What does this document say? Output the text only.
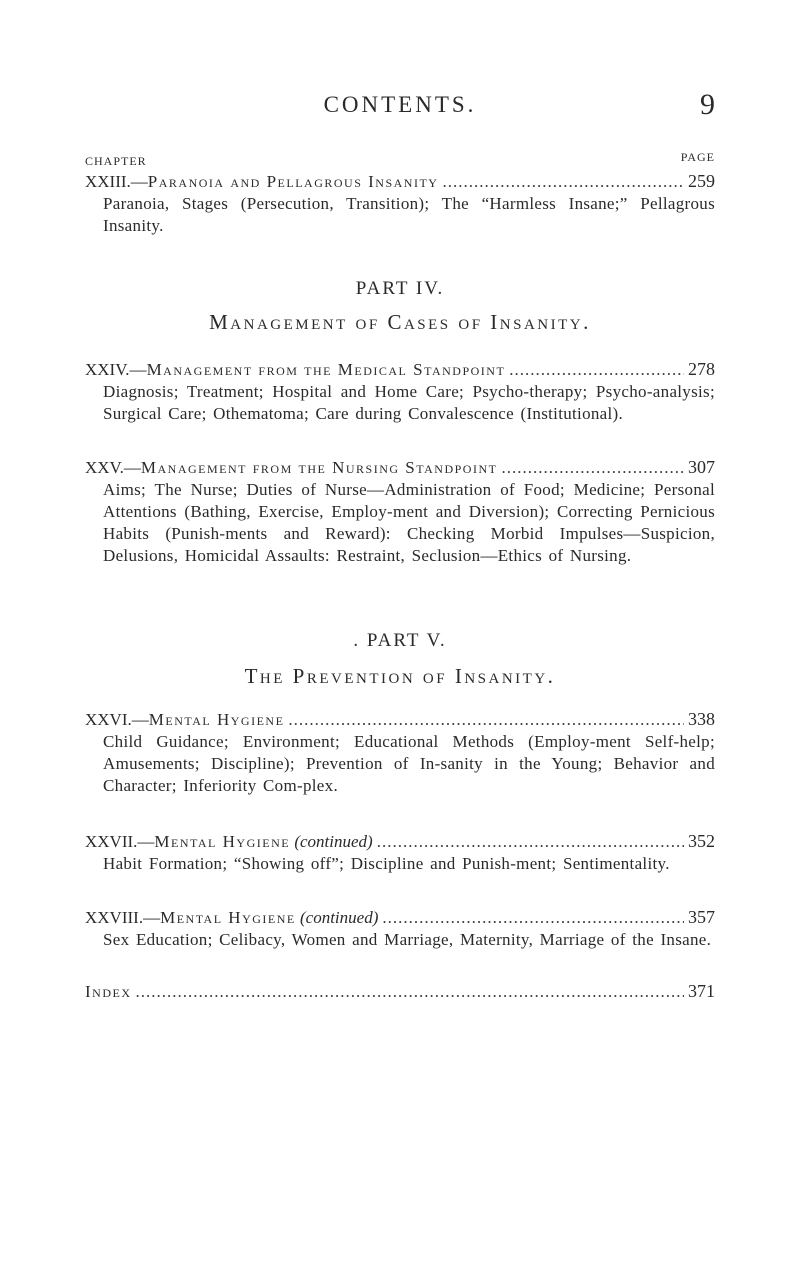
CONTENTS.	9
CHAPTER	PAGE
XXIII.— Paranoia and Pellagrous Insanity .....	259
Paranoia, Stages (Persecution, Transition); The “Harmless Insane;” Pellagrous Insanity.
PART IV.
Management of Cases of Insanity.
XXIV.— Management from the Medical Standpoint .....	278
Diagnosis; Treatment; Hospital and Home Care; Psycho-therapy; Psycho-analysis; Surgical Care; Othematoma; Care during Convalescence (Institutional).
XXV.— Management from the Nursing Standpoint .....	307
Aims; The Nurse; Duties of Nurse—Administration of Food; Medicine; Personal Attentions (Bathing, Exercise, Employ-ment and Diversion); Correcting Pernicious Habits (Punish-ments and Reward): Checking Morbid Impulses—Suspicion, Delusions, Homicidal Assaults: Restraint, Seclusion—Ethics of Nursing.
. PART V.
The Prevention of Insanity.
XXVI.— Mental Hygiene .....	338
Child Guidance; Environment; Educational Methods (Employ-ment Self-help; Amusements; Discipline); Prevention of In-sanity in the Young; Behavior and Character; Inferiority Com-plex.
XXVII.— Mental Hygiene
(continued) .....	352
Habit Formation; “Showing off”; Discipline and Punish-ment; Sentimentality.
XXVIII.— Mental Hygiene
(continued) .....	357
Sex Education; Celibacy, Women and Marriage, Maternity, Marriage of the Insane.
Index .....	371
